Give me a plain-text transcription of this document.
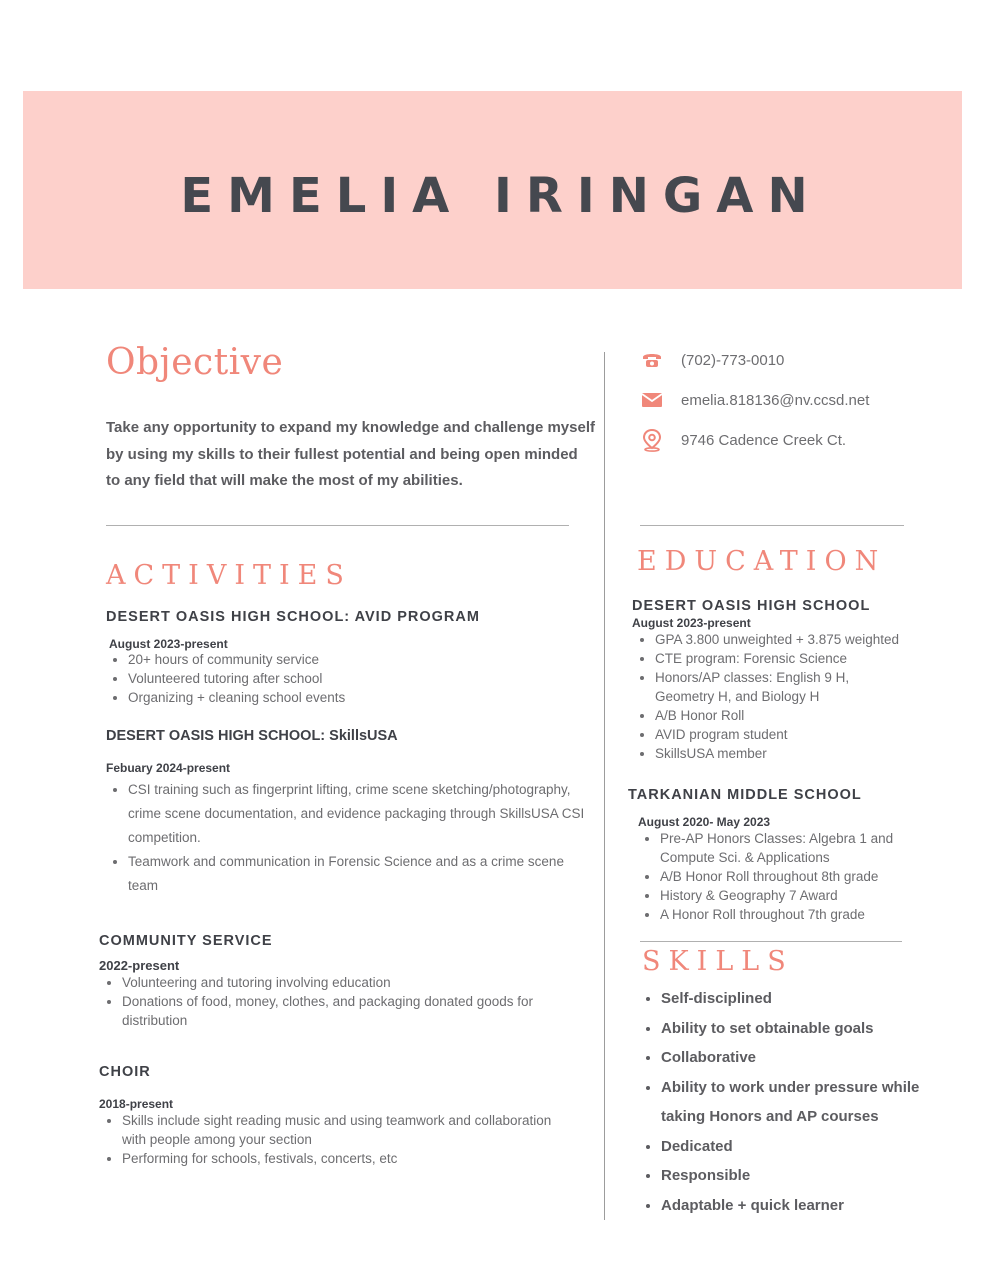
EMELIA IRINGAN
Objective
Take any opportunity to expand my knowledge and challenge myself by using my skills to their fullest potential and being open minded to any field that will make the most of my abilities.
(702)-773-0010
emelia.818136@nv.ccsd.net
9746 Cadence Creek Ct.
ACTIVITIES
DESERT OASIS HIGH SCHOOL: AVID PROGRAM
August 2023-present
• 20+ hours of community service
• Volunteered tutoring after school
• Organizing + cleaning school events
DESERT OASIS HIGH SCHOOL: SkillsUSA
Febuary 2024-present
• CSI training such as fingerprint lifting, crime scene sketching/photography, crime scene documentation, and evidence packaging through SkillsUSA CSI competition.
• Teamwork and communication in Forensic Science and as a crime scene team
COMMUNITY SERVICE
2022-present
• Volunteering and tutoring involving education
• Donations of food, money, clothes, and packaging donated goods for distribution
CHOIR
2018-present
• Skills include sight reading music and using teamwork and collaboration with people among your section
• Performing for schools, festivals, concerts, etc
EDUCATION
DESERT OASIS HIGH SCHOOL
August 2023-present
• GPA 3.800 unweighted + 3.875 weighted
• CTE program: Forensic Science
• Honors/AP classes: English 9 H, Geometry H, and Biology H
• A/B Honor Roll
• AVID program student
• SkillsUSA member
TARKANIAN MIDDLE SCHOOL
August 2020- May 2023
• Pre-AP Honors Classes: Algebra 1 and Compute Sci. & Applications
• A/B Honor Roll throughout 8th grade
• History & Geography 7 Award
• A Honor Roll throughout 7th grade
SKILLS
• Self-disciplined
• Ability to set obtainable goals
• Collaborative
• Ability to work under pressure while taking Honors and AP courses
• Dedicated
• Responsible
• Adaptable + quick learner
